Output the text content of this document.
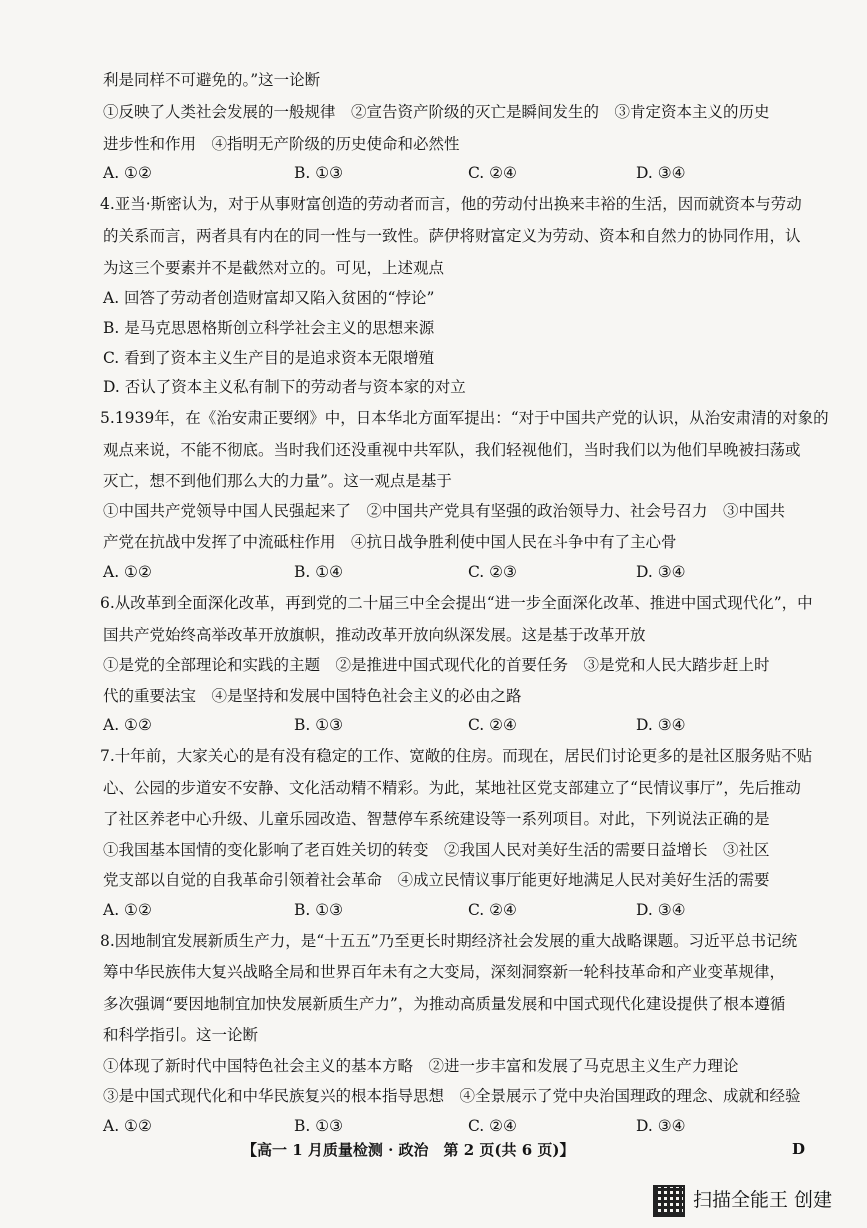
利是同样不可避免的。”这一论断
①反映了人类社会发展的一般规律　②宣告资产阶级的灭亡是瞬间发生的　③肯定资本主义的历史
进步性和作用　④指明无产阶级的历史使命和必然性
A. ①②	B. ①③	C. ②④	D. ③④
4.亚当·斯密认为，对于从事财富创造的劳动者而言，他的劳动付出换来丰裕的生活，因而就资本与劳动
的关系而言，两者具有内在的同一性与一致性。萨伊将财富定义为劳动、资本和自然力的协同作用，认
为这三个要素并不是截然对立的。可见，上述观点
A. 回答了劳动者创造财富却又陷入贫困的“悖论”
B. 是马克思恩格斯创立科学社会主义的思想来源
C. 看到了资本主义生产目的是追求资本无限增殖
D. 否认了资本主义私有制下的劳动者与资本家的对立
5.1939年，在《治安肃正要纲》中，日本华北方面军提出：“对于中国共产党的认识，从治安肃清的对象的
观点来说，不能不彻底。当时我们还没重视中共军队，我们轻视他们，当时我们以为他们早晚被扫荡或
灭亡，想不到他们那么大的力量”。这一观点是基于
①中国共产党领导中国人民强起来了　②中国共产党具有坚强的政治领导力、社会号召力　③中国共
产党在抗战中发挥了中流砥柱作用　④抗日战争胜利使中国人民在斗争中有了主心骨
A. ①②	B. ①④	C. ②③	D. ③④
6.从改革到全面深化改革，再到党的二十届三中全会提出“进一步全面深化改革、推进中国式现代化”，中
国共产党始终高举改革开放旗帜，推动改革开放向纵深发展。这是基于改革开放
①是党的全部理论和实践的主题　②是推进中国式现代化的首要任务　③是党和人民大踏步赶上时
代的重要法宝　④是坚持和发展中国特色社会主义的必由之路
A. ①②	B. ①③	C. ②④	D. ③④
7.十年前，大家关心的是有没有稳定的工作、宽敞的住房。而现在，居民们讨论更多的是社区服务贴不贴
心、公园的步道安不安静、文化活动精不精彩。为此，某地社区党支部建立了“民情议事厅”，先后推动
了社区养老中心升级、儿童乐园改造、智慧停车系统建设等一系列项目。对此，下列说法正确的是
①我国基本国情的变化影响了老百姓关切的转变　②我国人民对美好生活的需要日益增长　③社区
党支部以自觉的自我革命引领着社会革命　④成立民情议事厅能更好地满足人民对美好生活的需要
A. ①②	B. ①③	C. ②④	D. ③④
8.因地制宜发展新质生产力，是“十五五”乃至更长时期经济社会发展的重大战略课题。习近平总书记统
筹中华民族伟大复兴战略全局和世界百年未有之大变局，深刻洞察新一轮科技革命和产业变革规律，
多次强调“要因地制宜加快发展新质生产力”，为推动高质量发展和中国式现代化建设提供了根本遵循
和科学指引。这一论断
①体现了新时代中国特色社会主义的基本方略　②进一步丰富和发展了马克思主义生产力理论
③是中国式现代化和中华民族复兴的根本指导思想　④全景展示了党中央治国理政的理念、成就和经验
A. ①②	B. ①③	C. ②④	D. ③④
【高一 1 月质量检测 · 政治　第 2 页(共 6 页)】	D
扫描全能王 创建
